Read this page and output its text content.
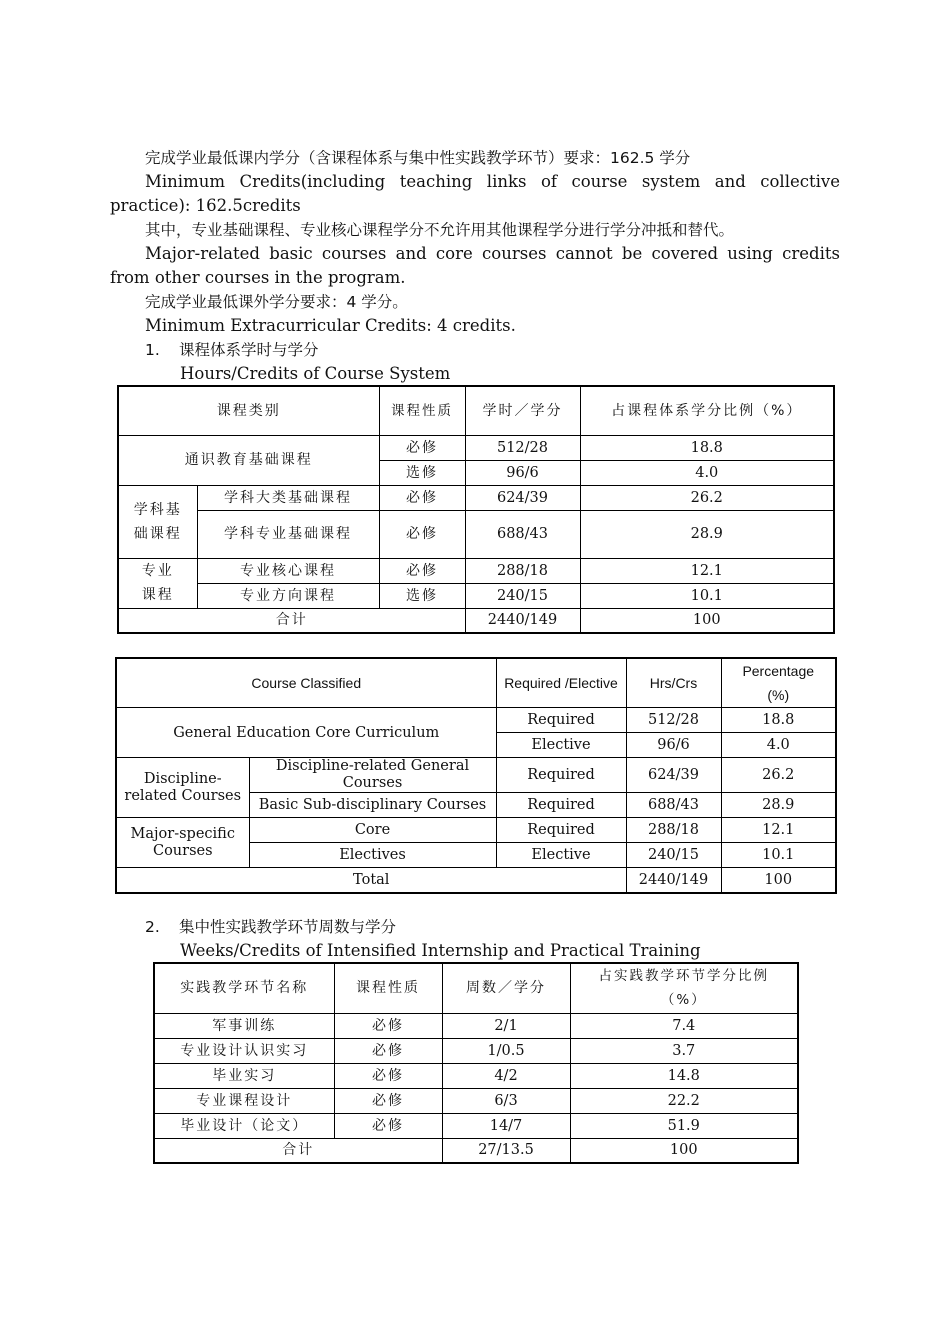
完成学业最低课内学分（含课程体系与集中性实践教学环节）要求：162.5 学分
Minimum Credits(including teaching links of course system and collective
practice): 162.5credits
其中，专业基础课程、专业核心课程学分不允许用其他课程学分进行学分冲抵和替代。
Major-related basic courses and core courses cannot be covered using credits
from other courses in the program.
完成学业最低课外学分要求：4 学分。
Minimum Extracurricular Credits: 4 credits.
1. 课程体系学时与学分
Hours/Credits of Course System
课程类别		课程性质	学时／学分	占课程体系学分比例（%）
通识教育基础课程		必修	512/28	18.8
		选修	96/6	4.0
学科基础课程	学科大类基础课程	必修	624/39	26.2
	学科专业基础课程	必修	688/43	28.9
专业课程	专业核心课程	必修	288/18	12.1
	专业方向课程	选修	240/15	10.1
合计			2440/149	100
Course Classified		Required /Elective	Hrs/Crs	Percentage (%)
General Education Core Curriculum		Required	512/28	18.8
		Elective	96/6	4.0
Discipline-related Courses	Discipline-related General Courses	Required	624/39	26.2
	Basic Sub-disciplinary Courses	Required	688/43	28.9
Major-specific Courses	Core	Required	288/18	12.1
	Electives	Elective	240/15	10.1
Total			2440/149	100
2. 集中性实践教学环节周数与学分
Weeks/Credits of Intensified Internship and Practical Training
实践教学环节名称	课程性质	周数／学分	占实践教学环节学分比例（%）
军事训练	必修	2/1	7.4
专业设计认识实习	必修	1/0.5	3.7
毕业实习	必修	4/2	14.8
专业课程设计	必修	6/3	22.2
毕业设计（论文）	必修	14/7	51.9
合计		27/13.5	100
